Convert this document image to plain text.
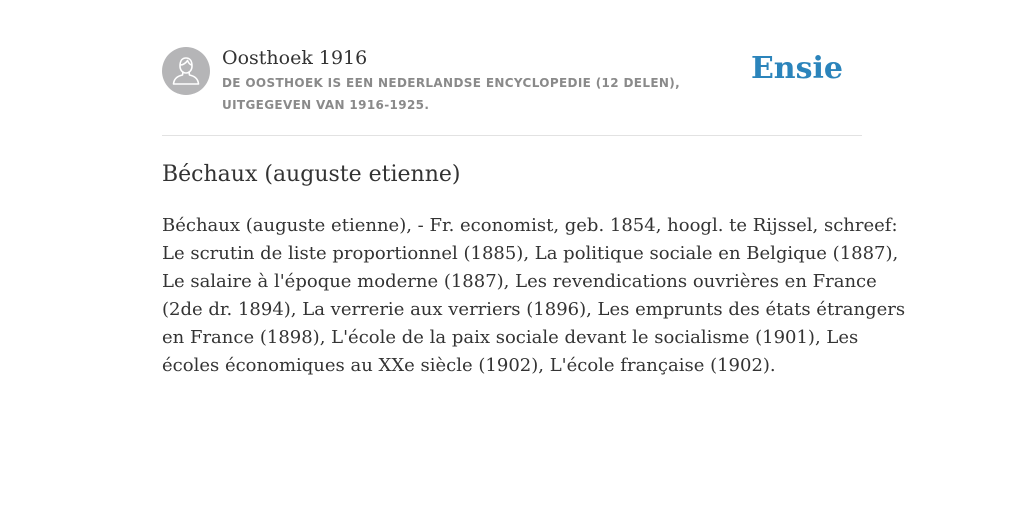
Oosthoek 1916
DE OOSTHOEK IS EEN NEDERLANDSE ENCYCLOPEDIE (12 DELEN), UITGEGEVEN VAN 1916-1925.
Ensie
Béchaux (auguste etienne)

Béchaux (auguste etienne), - Fr. economist, geb. 1854, hoogl. te Rijssel, schreef:
Le scrutin de liste proportionnel (1885), La politique sociale en Belgique (1887),
Le salaire à l'époque moderne (1887), Les revendications ouvrières en France
(2de dr. 1894), La verrerie aux verriers (1896), Les emprunts des états étrangers
en France (1898), L'école de la paix sociale devant le socialisme (1901), Les
écoles économiques au XXe siècle (1902), L'école française (1902).
